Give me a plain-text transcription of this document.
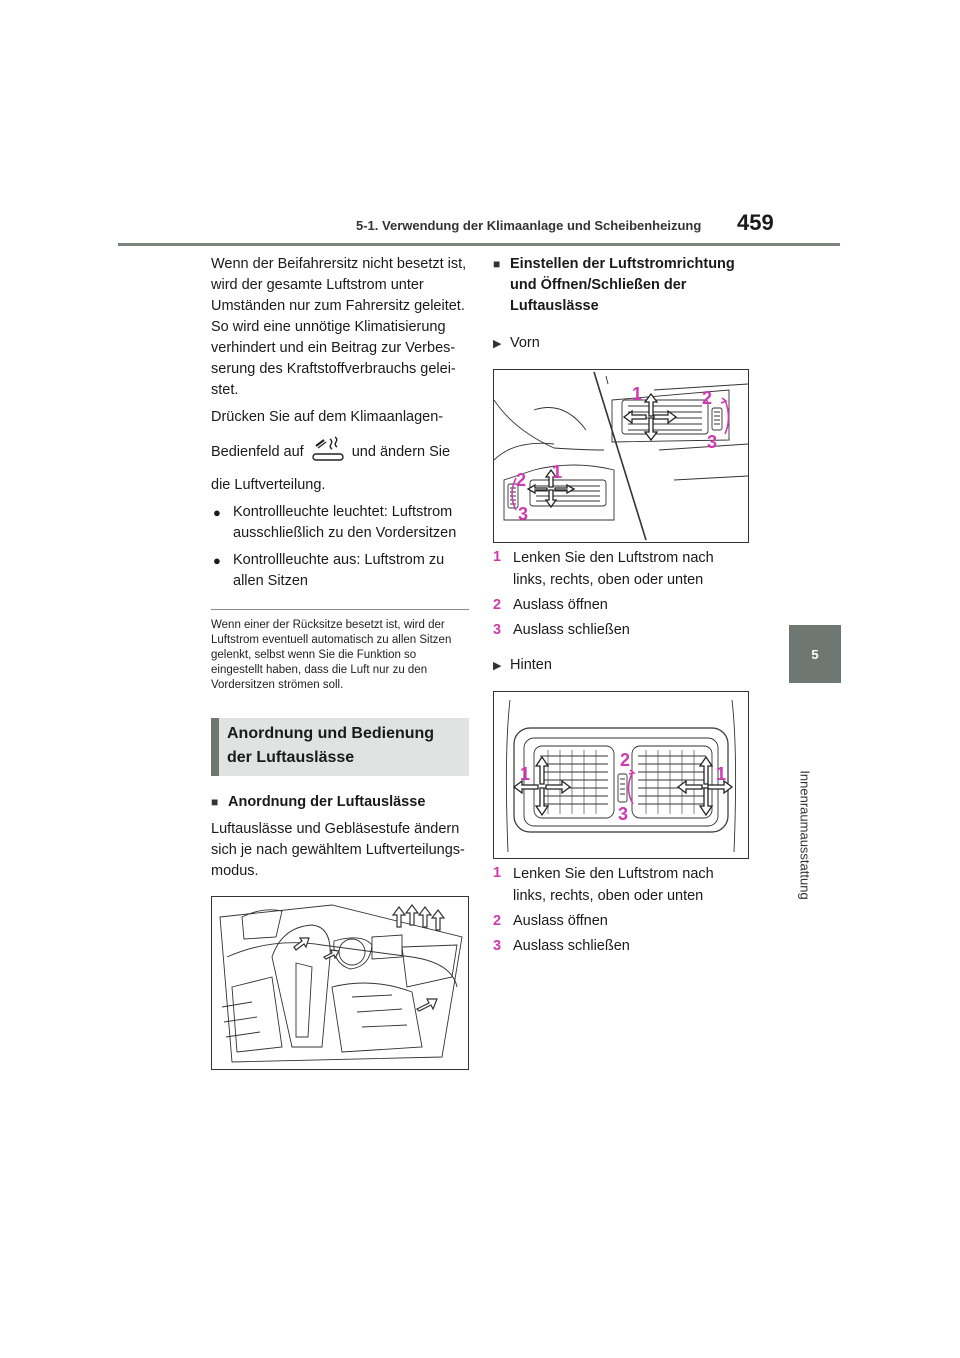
5-1. Verwendung der Klimaanlage und Scheibenheizung 459
5
Innenraumausstattung

Wenn der Beifahrersitz nicht besetzt ist, wird der gesamte Luftstrom unter Umständen nur zum Fahrersitz geleitet. So wird eine unnötige Klimatisierung verhindert und ein Beitrag zur Verbes-serung des Kraftstoffverbrauchs gelei-stet.

Drücken Sie auf dem Klimaanlagen-

Bedienfeld auf	und ändern Sie

die Luftverteilung.

● Kontrollleuchte leuchtet: Luftstrom ausschließlich zu den Vordersitzen
● Kontrollleuchte aus: Luftstrom zu allen Sitzen
Wenn einer der Rücksitze besetzt ist, wird der Luftstrom eventuell automatisch zu allen Sitzen gelenkt, selbst wenn Sie die Funktion so eingestellt haben, dass die Luft nur zu den Vordersitzen strömen soll.
Anordnung und Bedienung der Luftauslässe
■ Anordnung der Luftauslässe

Luftauslässe und Gebläsestufe ändern sich je nach gewähltem Luftverteilungs-modus.

■ Einstellen der Luftstromrichtung und Öffnen/Schließen der Luftauslässe
▶ Vorn
1	2
3
1
2
3
1 Lenken Sie den Luftstrom nach links, rechts, oben oder unten
2 Auslass öffnen
3 Auslass schließen
▶ Hinten
1
2
1
3
1 Lenken Sie den Luftstrom nach links, rechts, oben oder unten
2 Auslass öffnen
3 Auslass schließen
